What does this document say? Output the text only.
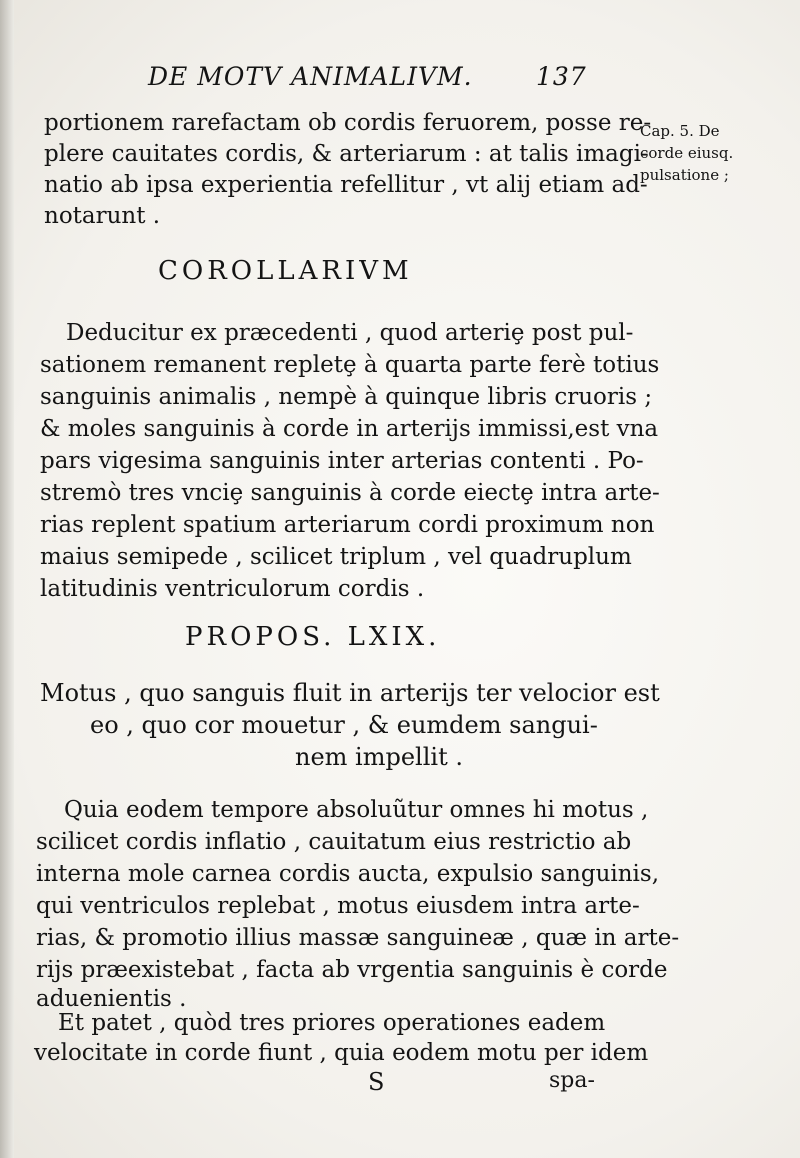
DE MOTV ANIMALIVM.	137
Cap. 5. De
corde eiusq.
pulsatione ;
portionem rarefactam ob cordis feruorem, posse re-
plere cauitates cordis, & arteriarum : at talis imagi-
natio ab ipsa experientia refellitur , vt alij etiam ad-
notarunt .
COROLLARIVM
Deducitur ex præcedenti , quod arteriȩ post pul-
sationem remanent repletȩ à quarta parte ferè totius
sanguinis animalis , nempè à quinque libris cruoris ;
& moles sanguinis à corde in arterijs immissi,est vna
pars vigesima sanguinis inter arterias contenti . Po-
stremò tres vnciȩ sanguinis à corde eiectȩ intra arte-
rias replent spatium arteriarum cordi proximum non
maius semipede , scilicet triplum , vel quadruplum
latitudinis ventriculorum cordis .
PROPOS. LXIX.
Motus , quo sanguis fluit in arterijs ter velocior est
eo , quo cor mouetur , & eumdem sangui-
nem impellit .
Quia eodem tempore absoluũtur omnes hi motus ,
scilicet cordis inflatio , cauitatum eius restrictio ab
interna mole carnea cordis aucta, expulsio sanguinis,
qui ventriculos replebat , motus eiusdem intra arte-
rias, & promotio illius massæ sanguineæ , quæ in arte-
rijs præexistebat , facta ab vrgentia sanguinis è corde
aduenientis .
Et patet , quòd tres priores operationes eadem
velocitate in corde fiunt , quia eodem motu per idem
S	spa-
